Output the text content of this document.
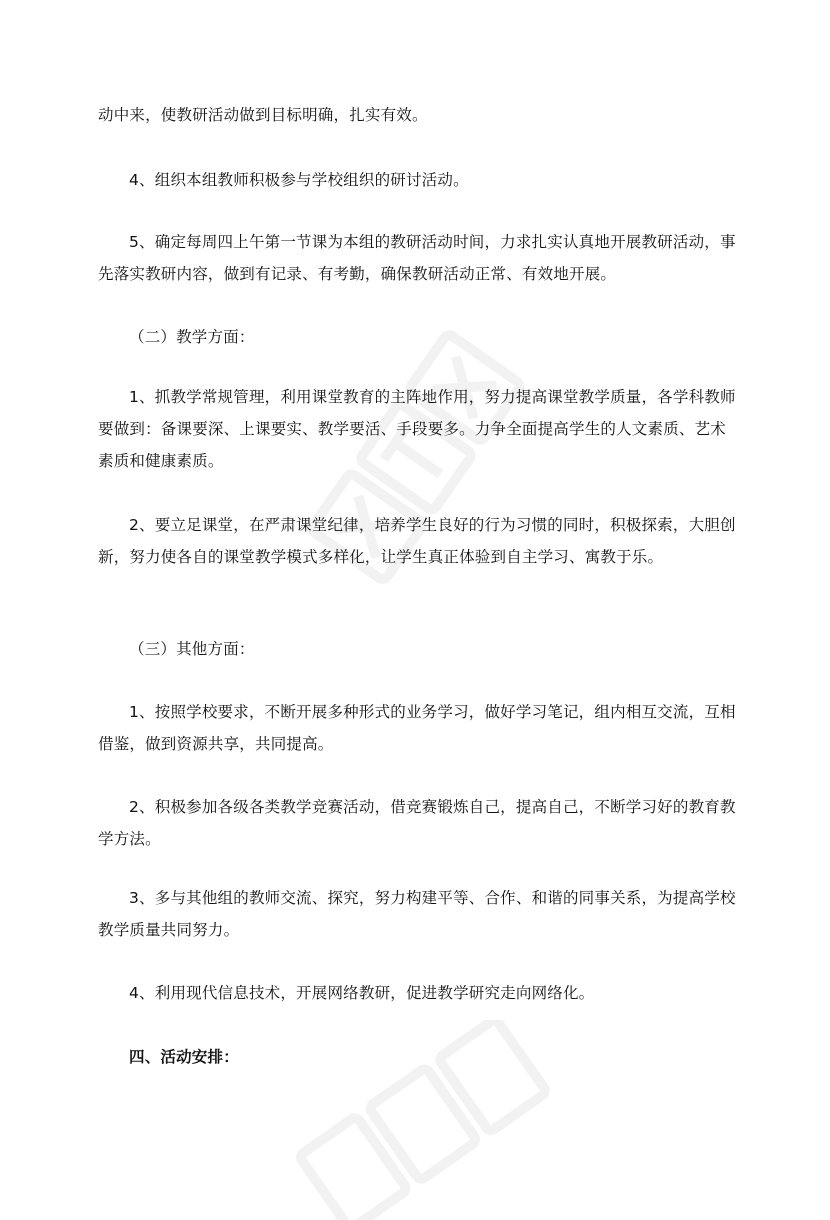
动中来，使教研活动做到目标明确，扎实有效。
4、组织本组教师积极参与学校组织的研讨活动。
5、确定每周四上午第一节课为本组的教研活动时间，力求扎实认真地开展教研活动，事先落实教研内容，做到有记录、有考勤，确保教研活动正常、有效地开展。
（二）教学方面：
1、抓教学常规管理，利用课堂教育的主阵地作用，努力提高课堂教学质量，各学科教师要做到：备课要深、上课要实、教学要活、手段要多。力争全面提高学生的人文素质、艺术素质和健康素质。
2、要立足课堂，在严肃课堂纪律，培养学生良好的行为习惯的同时，积极探索，大胆创新，努力使各自的课堂教学模式多样化，让学生真正体验到自主学习、寓教于乐。
（三）其他方面：
1、按照学校要求，不断开展多种形式的业务学习，做好学习笔记，组内相互交流，互相借鉴，做到资源共享，共同提高。
2、积极参加各级各类教学竞赛活动，借竞赛锻炼自己，提高自己，不断学习好的教育教学方法。
3、多与其他组的教师交流、探究，努力构建平等、合作、和谐的同事关系，为提高学校教学质量共同努力。
4、利用现代信息技术，开展网络教研，促进教学研究走向网络化。
四、活动安排：
